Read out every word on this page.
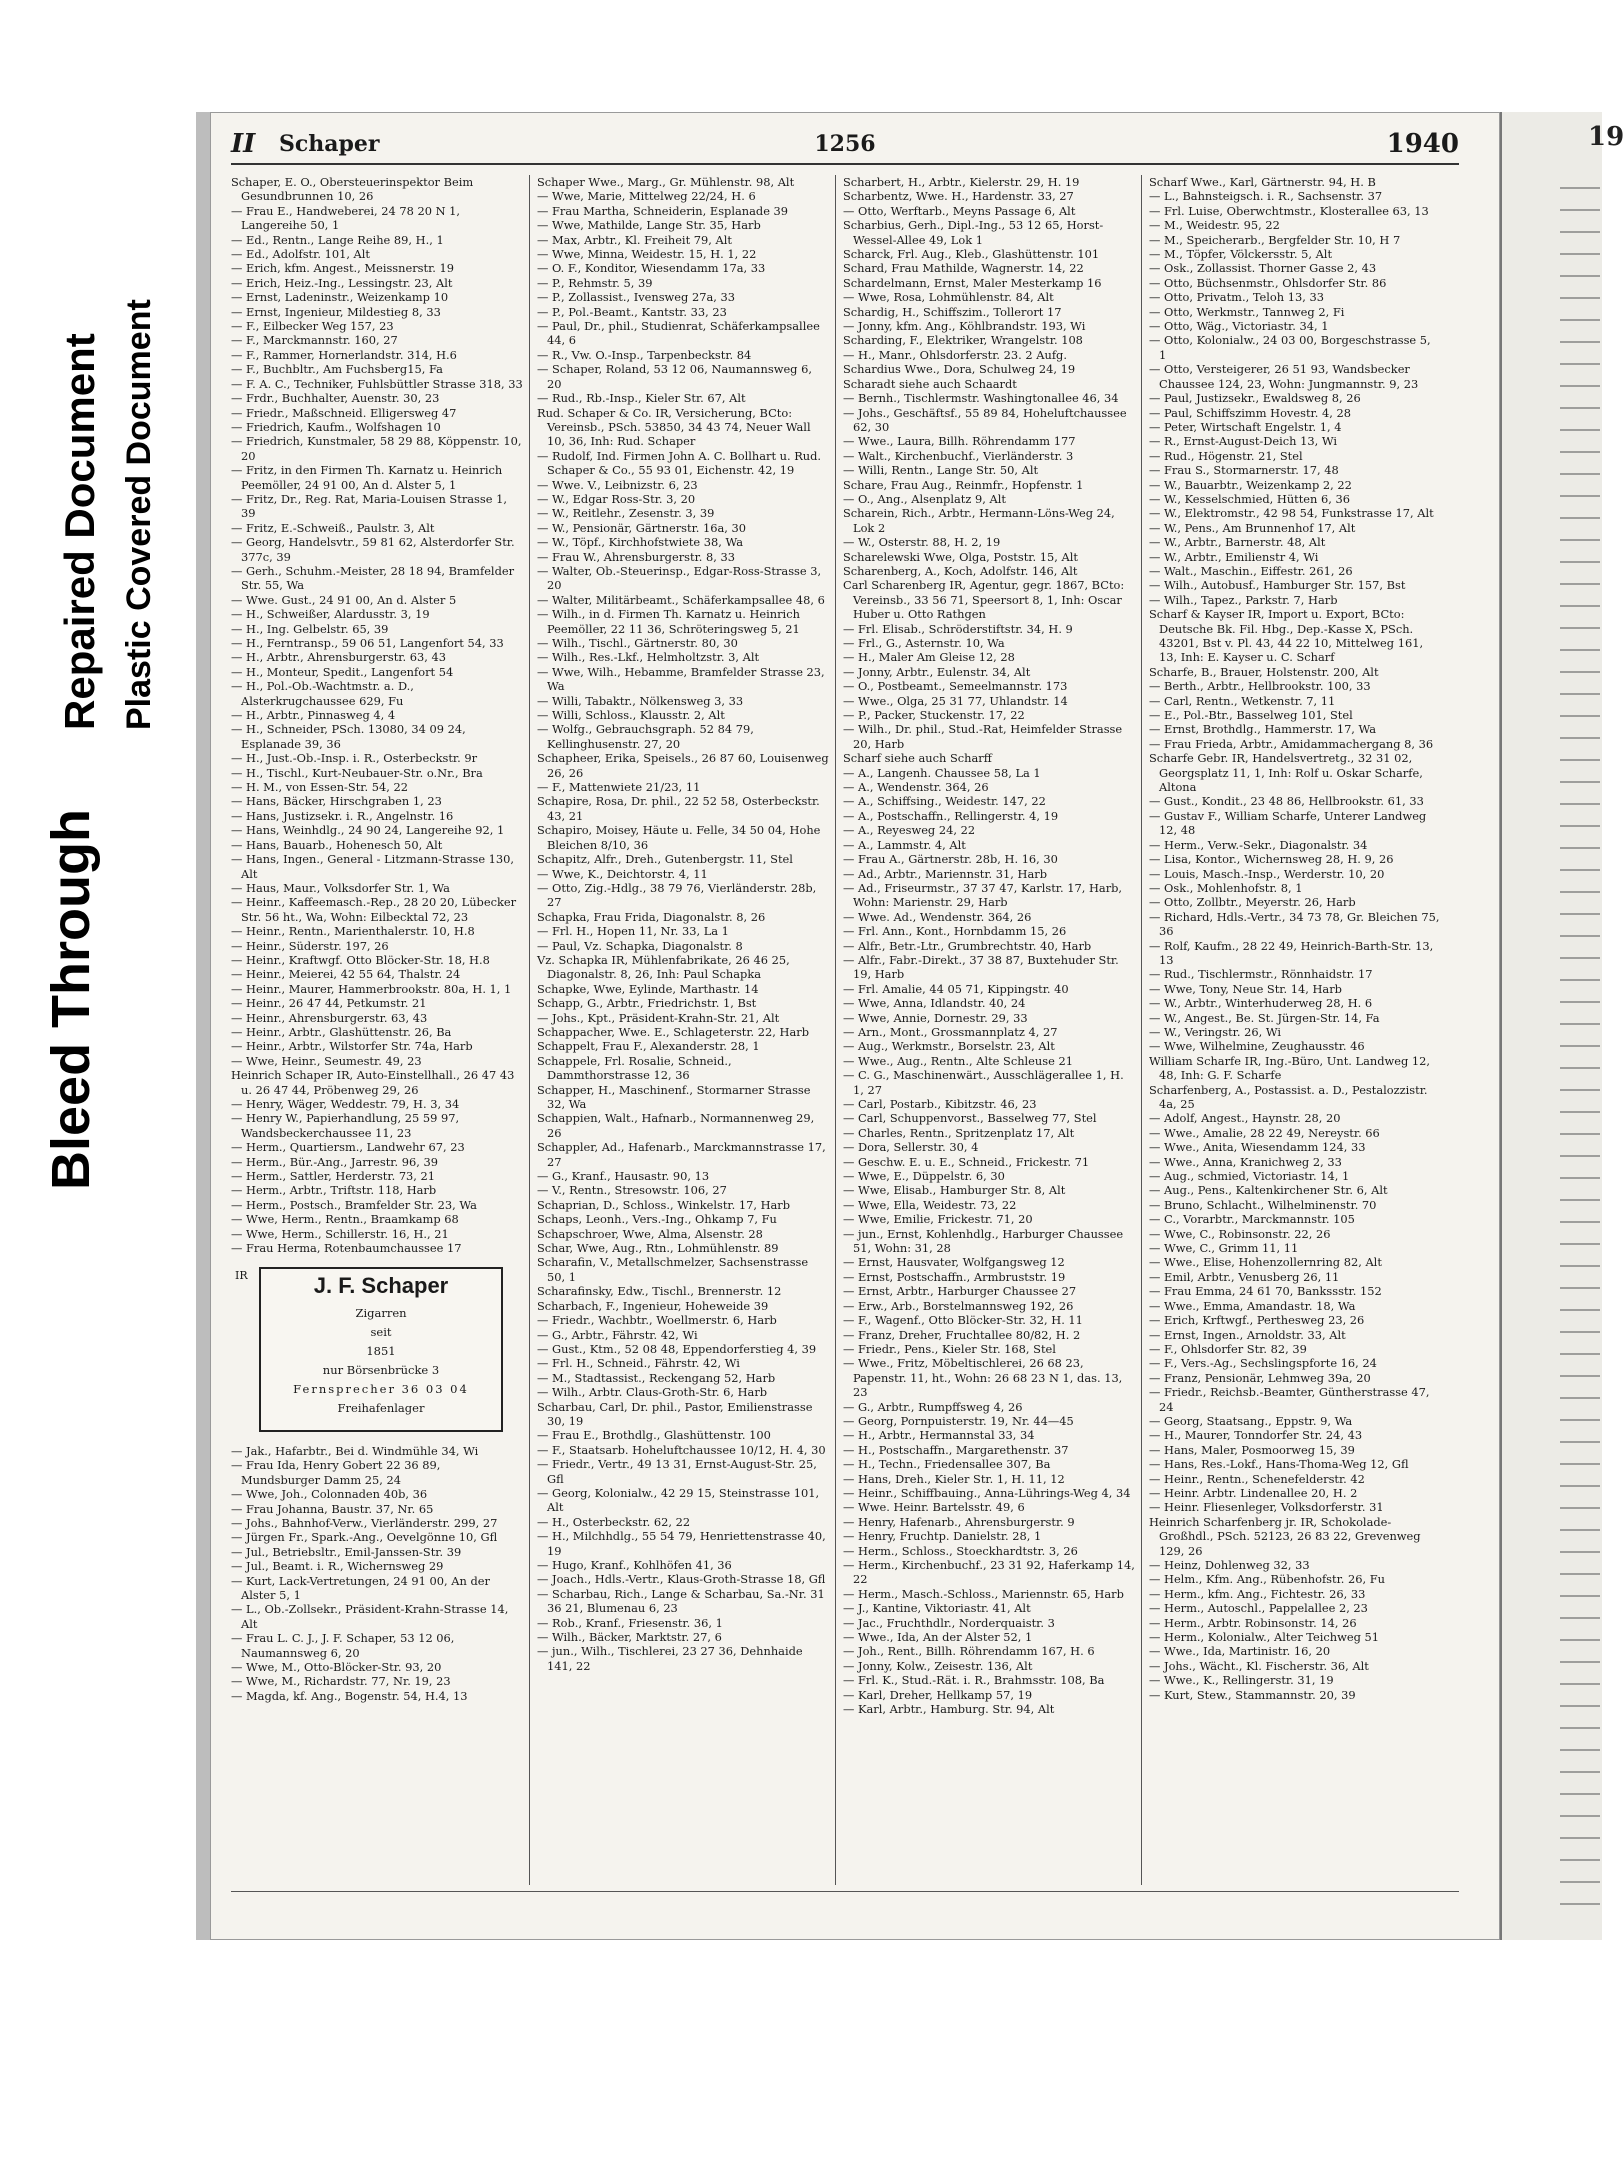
Bleed Through
Repaired Document Plastic Covered Document
II Schaper	1256	1940
Schaper, E. O., Obersteuerinspektor Beim Gesundbrunnen 10, 26
— Frau E., Handweberei, 24 78 20 N 1, Langereihe 50, 1
— Ed., Rentn., Lange Reihe 89, H., 1
— Ed., Adolfstr. 101, Alt
— Erich, kfm. Angest., Meissnerstr. 19
— Erich, Heiz.-Ing., Lessingstr. 23, Alt
— Ernst, Ladeninstr., Weizenkamp 10
— Ernst, Ingenieur, Mildestieg 8, 33
— F., Eilbecker Weg 157, 23
— F., Marckmannstr. 160, 27
— F., Rammer, Hornerlandstr. 314, H.6
— F., Buchbltr., Am Fuchsberg15, Fa
— F. A. C., Techniker, Fuhlsbüttler Strasse 318, 33
— Frdr., Buchhalter, Auenstr. 30, 23
— Friedr., Maßschneid. Elligersweg 47
— Friedrich, Kaufm., Wolfshagen 10
— Friedrich, Kunstmaler, 58 29 88, Köppenstr. 10, 20
— Fritz, in den Firmen Th. Karnatz u. Heinrich Peemöller, 24 91 00, An d. Alster 5, 1
— Fritz, Dr., Reg. Rat, Maria-Louisen Strasse 1, 39
— Fritz, E.-Schweiß., Paulstr. 3, Alt
— Georg, Handelsvtr., 59 81 62, Alsterdorfer Str. 377c, 39
— Gerh., Schuhm.-Meister, 28 18 94, Bramfelder Str. 55, Wa
— Wwe. Gust., 24 91 00, An d. Alster 5
— H., Schweißer, Alardusstr. 3, 19
— H., Ing. Gelbelstr. 65, 39
— H., Ferntransp., 59 06 51, Langenfort 54, 33
— H., Arbtr., Ahrensburgerstr. 63, 43
— H., Monteur, Spedit., Langenfort 54
— H., Pol.-Ob.-Wachtmstr. a. D., Alsterkrugchaussee 629, Fu
— H., Arbtr., Pinnasweg 4, 4
— H., Schneider, PSch. 13080, 34 09 24, Esplanade 39, 36
— H., Just.-Ob.-Insp. i. R., Osterbeckstr. 9r
— H., Tischl., Kurt-Neubauer-Str. o.Nr., Bra
— H. M., von Essen-Str. 54, 22
— Hans, Bäcker, Hirschgraben 1, 23
— Hans, Justizsekr. i. R., Angelnstr. 16
— Hans, Weinhdlg., 24 90 24, Langereihe 92, 1
— Hans, Bauarb., Hohenesch 50, Alt
— Hans, Ingen., General - Litzmann-Strasse 130, Alt
— Haus, Maur., Volksdorfer Str. 1, Wa
— Heinr., Kaffeemasch.-Rep., 28 20 20, Lübecker Str. 56 ht., Wa, Wohn: Eilbecktal 72, 23
— Heinr., Rentn., Marienthalerstr. 10, H.8
— Heinr., Süderstr. 197, 26
— Heinr., Kraftwgf. Otto Blöcker-Str. 18, H.8
— Heinr., Meierei, 42 55 64, Thalstr. 24
— Heinr., Maurer, Hammerbrookstr. 80a, H. 1, 1
— Heinr., 26 47 44, Petkumstr. 21
— Heinr., Ahrensburgerstr. 63, 43
— Heinr., Arbtr., Glashüttenstr. 26, Ba
— Heinr., Arbtr., Wilstorfer Str. 74a, Harb
— Wwe, Heinr., Seumestr. 49, 23
Heinrich Schaper IR, Auto-Einstellhall., 26 47 43 u. 26 47 44, Pröbenweg 29, 26
— Henry, Wäger, Weddestr. 79, H. 3, 34
— Henry W., Papierhandlung, 25 59 97, Wandsbeckerchaussee 11, 23
— Herm., Quartiersm., Landwehr 67, 23
— Herm., Bür.-Ang., Jarrestr. 96, 39
— Herm., Sattler, Herderstr. 73, 21
— Herm., Arbtr., Triftstr. 118, Harb
— Herm., Postsch., Bramfelder Str. 23, Wa
— Wwe, Herm., Rentn., Braamkamp 68
— Wwe, Herm., Schillerstr. 16, H., 21
— Frau Herma, Rotenbaumchaussee 17
IR	J. F. Schaper
Zigarren
seit
1851
nur Börsenbrücke 3
Fernsprecher 36 03 04
Freihafenlager
— Jak., Hafarbtr., Bei d. Windmühle 34, Wi
— Frau Ida, Henry Gobert 22 36 89, Mundsburger Damm 25, 24
— Wwe, Joh., Colonnaden 40b, 36
— Frau Johanna, Baustr. 37, Nr. 65
— Johs., Bahnhof-Verw., Vierländerstr. 299, 27
— Jürgen Fr., Spark.-Ang., Oevelgönne 10, Gfl
— Jul., Betriebsltr., Emil-Janssen-Str. 39
— Jul., Beamt. i. R., Wichernsweg 29
— Kurt, Lack-Vertretungen, 24 91 00, An der Alster 5, 1
— L., Ob.-Zollsekr., Präsident-Krahn-Strasse 14, Alt
— Frau L. C. J., J. F. Schaper, 53 12 06, Naumannsweg 6, 20
— Wwe, M., Otto-Blöcker-Str. 93, 20
— Wwe, M., Richardstr. 77, Nr. 19, 23
— Magda, kf. Ang., Bogenstr. 54, H.4, 13
Schaper Wwe., Marg., Gr. Mühlenstr. 98, Alt
— Wwe, Marie, Mittelweg 22/24, H. 6
— Frau Martha, Schneiderin, Esplanade 39
— Wwe, Mathilde, Lange Str. 35, Harb
— Max, Arbtr., Kl. Freiheit 79, Alt
— Wwe, Minna, Weidestr. 15, H. 1, 22
— O. F., Konditor, Wiesendamm 17a, 33
— P., Rehmstr. 5, 39
— P., Zollassist., Ivensweg 27a, 33
— P., Pol.-Beamt., Kantstr. 33, 23
— Paul, Dr., phil., Studienrat, Schäferkampsallee 44, 6
— R., Vw. O.-Insp., Tarpenbeckstr. 84
— Schaper, Roland, 53 12 06, Naumannsweg 6, 20
— Rud., Rb.-Insp., Kieler Str. 67, Alt
Rud. Schaper & Co. IR, Versicherung, BCto: Vereinsb., PSch. 53850, 34 43 74, Neuer Wall 10, 36, Inh: Rud. Schaper
— Rudolf, Ind. Firmen John A. C. Bollhart u. Rud. Schaper & Co., 55 93 01, Eichenstr. 42, 19
— Wwe. V., Leibnizstr. 6, 23
— W., Edgar Ross-Str. 3, 20
— W., Reitlehr., Zesenstr. 3, 39
— W., Pensionär, Gärtnerstr. 16a, 30
— W., Töpf., Kirchhofstwiete 38, Wa
— Frau W., Ahrensburgerstr. 8, 33
— Walter, Ob.-Steuerinsp., Edgar-Ross-Strasse 3, 20
— Walter, Militärbeamt., Schäferkampsallee 48, 6
— Wilh., in d. Firmen Th. Karnatz u. Heinrich Peemöller, 22 11 36, Schröteringsweg 5, 21
— Wilh., Tischl., Gärtnerstr. 80, 30
— Wilh., Res.-Lkf., Helmholtzstr. 3, Alt
— Wwe, Wilh., Hebamme, Bramfelder Strasse 23, Wa
— Willi, Tabaktr., Nölkensweg 3, 33
— Willi, Schloss., Klausstr. 2, Alt
— Wolfg., Gebrauchsgraph. 52 84 79, Kellinghusenstr. 27, 20
Schapheer, Erika, Speisels., 26 87 60, Louisenweg 26, 26
— F., Mattenwiete 21/23, 11
Schapire, Rosa, Dr. phil., 22 52 58, Osterbeckstr. 43, 21
Schapiro, Moisey, Häute u. Felle, 34 50 04, Hohe Bleichen 8/10, 36
Schapitz, Alfr., Dreh., Gutenbergstr. 11, Stel
— Wwe, K., Deichtorstr. 4, 11
— Otto, Zig.-Hdlg., 38 79 76, Vierländerstr. 28b, 27
Schapka, Frau Frida, Diagonalstr. 8, 26
— Frl. H., Hopen 11, Nr. 33, La 1
— Paul, Vz. Schapka, Diagonalstr. 8
Vz. Schapka IR, Mühlenfabrikate, 26 46 25, Diagonalstr. 8, 26, Inh: Paul Schapka
Schapke, Wwe, Eylinde, Marthastr. 14
Schapp, G., Arbtr., Friedrichstr. 1, Bst
— Johs., Kpt., Präsident-Krahn-Str. 21, Alt
Schappacher, Wwe. E., Schlageterstr. 22, Harb
Schappelt, Frau F., Alexanderstr. 28, 1
Schappele, Frl. Rosalie, Schneid., Dammthorstrasse 12, 36
Schapper, H., Maschinenf., Stormarner Strasse 32, Wa
Schappien, Walt., Hafnarb., Normannenweg 29, 26
Schappler, Ad., Hafenarb., Marckmannstrasse 17, 27
— G., Kranf., Hausastr. 90, 13
— V., Rentn., Stresowstr. 106, 27
Schaprian, D., Schloss., Winkelstr. 17, Harb
Schaps, Leonh., Vers.-Ing., Ohkamp 7, Fu
Schapschroer, Wwe, Alma, Alsenstr. 28
Schar, Wwe, Aug., Rtn., Lohmühlenstr. 89
Scharafin, V., Metallschmelzer, Sachsenstrasse 50, 1
Scharafinsky, Edw., Tischl., Brennerstr. 12
Scharbach, F., Ingenieur, Hoheweide 39
— Friedr., Wachbtr., Woellmerstr. 6, Harb
— G., Arbtr., Fährstr. 42, Wi
— Gust., Ktm., 52 08 48, Eppendorferstieg 4, 39
— Frl. H., Schneid., Fährstr. 42, Wi
— M., Stadtassist., Reckengang 52, Harb
— Wilh., Arbtr. Claus-Groth-Str. 6, Harb
Scharbau, Carl, Dr. phil., Pastor, Emilienstrasse 30, 19
— Frau E., Brothdlg., Glashüttenstr. 100
— F., Staatsarb. Hoheluftchaussee 10/12, H. 4, 30
— Friedr., Vertr., 49 13 31, Ernst-August-Str. 25, Gfl
— Georg, Kolonialw., 42 29 15, Steinstrasse 101, Alt
— H., Osterbeckstr. 62, 22
— H., Milchhdlg., 55 54 79, Henriettenstrasse 40, 19
— Hugo, Kranf., Kohlhöfen 41, 36
— Joach., Hdls.-Vertr., Klaus-Groth-Strasse 18, Gfl
— Scharbau, Rich., Lange & Scharbau, Sa.-Nr. 31 36 21, Blumenau 6, 23
— Rob., Kranf., Friesenstr. 36, 1
— Wilh., Bäcker, Marktstr. 27, 6
— jun., Wilh., Tischlerei, 23 27 36, Dehnhaide 141, 22
Scharbert, H., Arbtr., Kielerstr. 29, H. 19
Scharbentz, Wwe. H., Hardenstr. 33, 27
— Otto, Werftarb., Meyns Passage 6, Alt
Scharbius, Gerh., Dipl.-Ing., 53 12 65, Horst-Wessel-Allee 49, Lok 1
Scharck, Frl. Aug., Kleb., Glashüttenstr. 101
Schard, Frau Mathilde, Wagnerstr. 14, 22
Schardelmann, Ernst, Maler Mesterkamp 16
— Wwe, Rosa, Lohmühlenstr. 84, Alt
Schardig, H., Schiffszim., Tollerort 17
— Jonny, kfm. Ang., Köhlbrandstr. 193, Wi
Scharding, F., Elektriker, Wrangelstr. 108
— H., Manr., Ohlsdorferstr. 23. 2 Aufg.
Schardius Wwe., Dora, Schulweg 24, 19
Scharadt siehe auch Schaardt
— Bernh., Tischlermstr. Washingtonallee 46, 34
— Johs., Geschäftsf., 55 89 84, Hoheluftchaussee 62, 30
— Wwe., Laura, Billh. Röhrendamm 177
— Walt., Kirchenbuchf., Vierländerstr. 3
— Willi, Rentn., Lange Str. 50, Alt
Schare, Frau Aug., Reinmfr., Hopfenstr. 1
— O., Ang., Alsenplatz 9, Alt
Scharein, Rich., Arbtr., Hermann-Löns-Weg 24, Lok 2
— W., Osterstr. 88, H. 2, 19
Scharelewski Wwe, Olga, Poststr. 15, Alt
Scharenberg, A., Koch, Adolfstr. 146, Alt
Carl Scharenberg IR, Agentur, gegr. 1867, BCto: Vereinsb., 33 56 71, Speersort 8, 1, Inh: Oscar Huber u. Otto Rathgen
— Frl. Elisab., Schröderstiftstr. 34, H. 9
— Frl., G., Asternstr. 10, Wa
— H., Maler Am Gleise 12, 28
— Jonny, Arbtr., Eulenstr. 34, Alt
— O., Postbeamt., Semeelmannstr. 173
— Wwe., Olga, 25 31 77, Uhlandstr. 14
— P., Packer, Stuckenstr. 17, 22
— Wilh., Dr. phil., Stud.-Rat, Heimfelder Strasse 20, Harb
Scharf siehe auch Scharff
— A., Langenh. Chaussee 58, La 1
— A., Wendenstr. 364, 26
— A., Schiffsing., Weidestr. 147, 22
— A., Postschaffn., Rellingerstr. 4, 19
— A., Reyesweg 24, 22
— A., Lammstr. 4, Alt
— Frau A., Gärtnerstr. 28b, H. 16, 30
— Ad., Arbtr., Mariennstr. 31, Harb
— Ad., Friseurmstr., 37 37 47, Karlstr. 17, Harb, Wohn: Marienstr. 29, Harb
— Wwe. Ad., Wendenstr. 364, 26
— Frl. Ann., Kont., Hornbdamm 15, 26
— Alfr., Betr.-Ltr., Grumbrechtstr. 40, Harb
— Alfr., Fabr.-Direkt., 37 38 87, Buxtehuder Str. 19, Harb
— Frl. Amalie, 44 05 71, Kippingstr. 40
— Wwe, Anna, Idlandstr. 40, 24
— Wwe, Annie, Dornestr. 29, 33
— Arn., Mont., Grossmannplatz 4, 27
— Aug., Werkmstr., Borselstr. 23, Alt
— Wwe., Aug., Rentn., Alte Schleuse 21
— C. G., Maschinenwärt., Ausschlägerallee 1, H. 1, 27
— Carl, Postarb., Kibitzstr. 46, 23
— Carl, Schuppenvorst., Basselweg 77, Stel
— Charles, Rentn., Spritzenplatz 17, Alt
— Dora, Sellerstr. 30, 4
— Geschw. E. u. E., Schneid., Frickestr. 71
— Wwe, E., Düppelstr. 6, 30
— Wwe, Elisab., Hamburger Str. 8, Alt
— Wwe, Ella, Weidestr. 73, 22
— Wwe, Emilie, Frickestr. 71, 20
— jun., Ernst, Kohlenhdlg., Harburger Chaussee 51, Wohn: 31, 28
— Ernst, Hausvater, Wolfgangsweg 12
— Ernst, Postschaffn., Armbruststr. 19
— Ernst, Arbtr., Harburger Chaussee 27
— Erw., Arb., Borstelmannsweg 192, 26
— F., Wagenf., Otto Blöcker-Str. 32, H. 11
— Franz, Dreher, Fruchtallee 80/82, H. 2
— Friedr., Pens., Kieler Str. 168, Stel
— Wwe., Fritz, Möbeltischlerei, 26 68 23, Papenstr. 11, ht., Wohn: 26 68 23 N 1, das. 13, 23
— G., Arbtr., Rumpffsweg 4, 26
— Georg, Pornpuisterstr. 19, Nr. 44—45
— H., Arbtr., Hermannstal 33, 34
— H., Postschaffn., Margarethenstr. 37
— H., Techn., Friedensallee 307, Ba
— Hans, Dreh., Kieler Str. 1, H. 11, 12
— Heinr., Schiffbauing., Anna-Lührings-Weg 4, 34
— Wwe. Heinr. Bartelsstr. 49, 6
— Henry, Hafenarb., Ahrensburgerstr. 9
— Henry, Fruchtp. Danielstr. 28, 1
— Herm., Schloss., Stoeckhardtstr. 3, 26
— Herm., Kirchenbuchf., 23 31 92, Haferkamp 14, 22
— Herm., Masch.-Schloss., Mariennstr. 65, Harb
— J., Kantine, Viktoriastr. 41, Alt
— Jac., Fruchthdlr., Norderquaistr. 3
— Wwe., Ida, An der Alster 52, 1
— Joh., Rent., Billh. Röhrendamm 167, H. 6
— Jonny, Kolw., Zeisestr. 136, Alt
— Frl. K., Stud.-Rät. i. R., Brahmsstr. 108, Ba
— Karl, Dreher, Hellkamp 57, 19
— Karl, Arbtr., Hamburg. Str. 94, Alt
Scharf Wwe., Karl, Gärtnerstr. 94, H. B
— L., Bahnsteigsch. i. R., Sachsenstr. 37
— Frl. Luise, Oberwchtmstr., Klosterallee 63, 13
— M., Weidestr. 95, 22
— M., Speicherarb., Bergfelder Str. 10, H 7
— M., Töpfer, Völckersstr. 5, Alt
— Osk., Zollassist. Thorner Gasse 2, 43
— Otto, Büchsenmstr., Ohlsdorfer Str. 86
— Otto, Privatm., Teloh 13, 33
— Otto, Werkmstr., Tannweg 2, Fi
— Otto, Wäg., Victoriastr. 34, 1
— Otto, Kolonialw., 24 03 00, Borgeschstrasse 5, 1
— Otto, Versteigerer, 26 51 93, Wandsbecker Chaussee 124, 23, Wohn: Jungmannstr. 9, 23
— Paul, Justizsekr., Ewaldsweg 8, 26
— Paul, Schiffszimm Hovestr. 4, 28
— Peter, Wirtschaft Engelstr. 1, 4
— R., Ernst-August-Deich 13, Wi
— Rud., Högenstr. 21, Stel
— Frau S., Stormarnerstr. 17, 48
— W., Bauarbtr., Weizenkamp 2, 22
— W., Kesselschmied, Hütten 6, 36
— W., Elektromstr., 42 98 54, Funkstrasse 17, Alt
— W., Pens., Am Brunnenhof 17, Alt
— W., Arbtr., Barnerstr. 48, Alt
— W., Arbtr., Emilienstr 4, Wi
— Walt., Maschin., Eiffestr. 261, 26
— Wilh., Autobusf., Hamburger Str. 157, Bst
— Wilh., Tapez., Parkstr. 7, Harb
Scharf & Kayser IR, Import u. Export, BCto: Deutsche Bk. Fil. Hbg., Dep.-Kasse X, PSch. 43201, Bst v. Pl. 43, 44 22 10, Mittelweg 161, 13, Inh: E. Kayser u. C. Scharf
Scharfe, B., Brauer, Holstenstr. 200, Alt
— Berth., Arbtr., Hellbrookstr. 100, 33
— Carl, Rentn., Wetkenstr. 7, 11
— E., Pol.-Btr., Basselweg 101, Stel
— Ernst, Brothdlg., Hammerstr. 17, Wa
— Frau Frieda, Arbtr., Amidammachergang 8, 36
Scharfe Gebr. IR, Handelsvertretg., 32 31 02, Georgsplatz 11, 1, Inh: Rolf u. Oskar Scharfe, Altona
— Gust., Kondit., 23 48 86, Hellbrookstr. 61, 33
— Gustav F., William Scharfe, Unterer Landweg 12, 48
— Herm., Verw.-Sekr., Diagonalstr. 34
— Lisa, Kontor., Wichernsweg 28, H. 9, 26
— Louis, Masch.-Insp., Werderstr. 10, 20
— Osk., Mohlenhofstr. 8, 1
— Otto, Zollbtr., Meyerstr. 26, Harb
— Richard, Hdls.-Vertr., 34 73 78, Gr. Bleichen 75, 36
— Rolf, Kaufm., 28 22 49, Heinrich-Barth-Str. 13, 13
— Rud., Tischlermstr., Rönnhaidstr. 17
— Wwe, Tony, Neue Str. 14, Harb
— W., Arbtr., Winterhuderweg 28, H. 6
— W., Angest., Be. St. Jürgen-Str. 14, Fa
— W., Veringstr. 26, Wi
— Wwe, Wilhelmine, Zeughausstr. 46
William Scharfe IR, Ing.-Büro, Unt. Landweg 12, 48, Inh: G. F. Scharfe
Scharfenberg, A., Postassist. a. D., Pestalozzistr. 4a, 25
— Adolf, Angest., Haynstr. 28, 20
— Wwe., Amalie, 28 22 49, Nereystr. 66
— Wwe., Anita, Wiesendamm 124, 33
— Wwe., Anna, Kranichweg 2, 33
— Aug., schmied, Victoriastr. 14, 1
— Aug., Pens., Kaltenkirchener Str. 6, Alt
— Bruno, Schlacht., Wilhelminenstr. 70
— C., Vorarbtr., Marckmannstr. 105
— Wwe, C., Robinsonstr. 22, 26
— Wwe, C., Grimm 11, 11
— Wwe., Elise, Hohenzollernring 82, Alt
— Emil, Arbtr., Venusberg 26, 11
— Frau Emma, 24 61 70, Bankssstr. 152
— Wwe., Emma, Amandastr. 18, Wa
— Erich, Krftwgf., Perthesweg 23, 26
— Ernst, Ingen., Arnoldstr. 33, Alt
— F., Ohlsdorfer Str. 82, 39
— F., Vers.-Ag., Sechslingspforte 16, 24
— Franz, Pensionär, Lehmweg 39a, 20
— Friedr., Reichsb.-Beamter, Güntherstrasse 47, 24
— Georg, Staatsang., Eppstr. 9, Wa
— H., Maurer, Tonndorfer Str. 24, 43
— Hans, Maler, Posmoorweg 15, 39
— Hans, Res.-Lokf., Hans-Thoma-Weg 12, Gfl
— Heinr., Rentn., Schenefelderstr. 42
— Heinr. Arbtr. Lindenallee 20, H. 2
— Heinr. Fliesenleger, Volksdorferstr. 31
Heinrich Scharfenberg jr. IR, Schokolade-Großhdl., PSch. 52123, 26 83 22, Grevenweg 129, 26
— Heinz, Dohlenweg 32, 33
— Helm., Kfm. Ang., Rübenhofstr. 26, Fu
— Herm., kfm. Ang., Fichtestr. 26, 33
— Herm., Autoschl., Pappelallee 2, 23
— Herm., Arbtr. Robinsonstr. 14, 26
— Herm., Kolonialw., Alter Teichweg 51
— Wwe., Ida, Martinistr. 16, 20
— Johs., Wächt., Kl. Fischerstr. 36, Alt
— Wwe., K., Rellingerstr. 31, 19
— Kurt, Stew., Stammannstr. 20, 39
19
